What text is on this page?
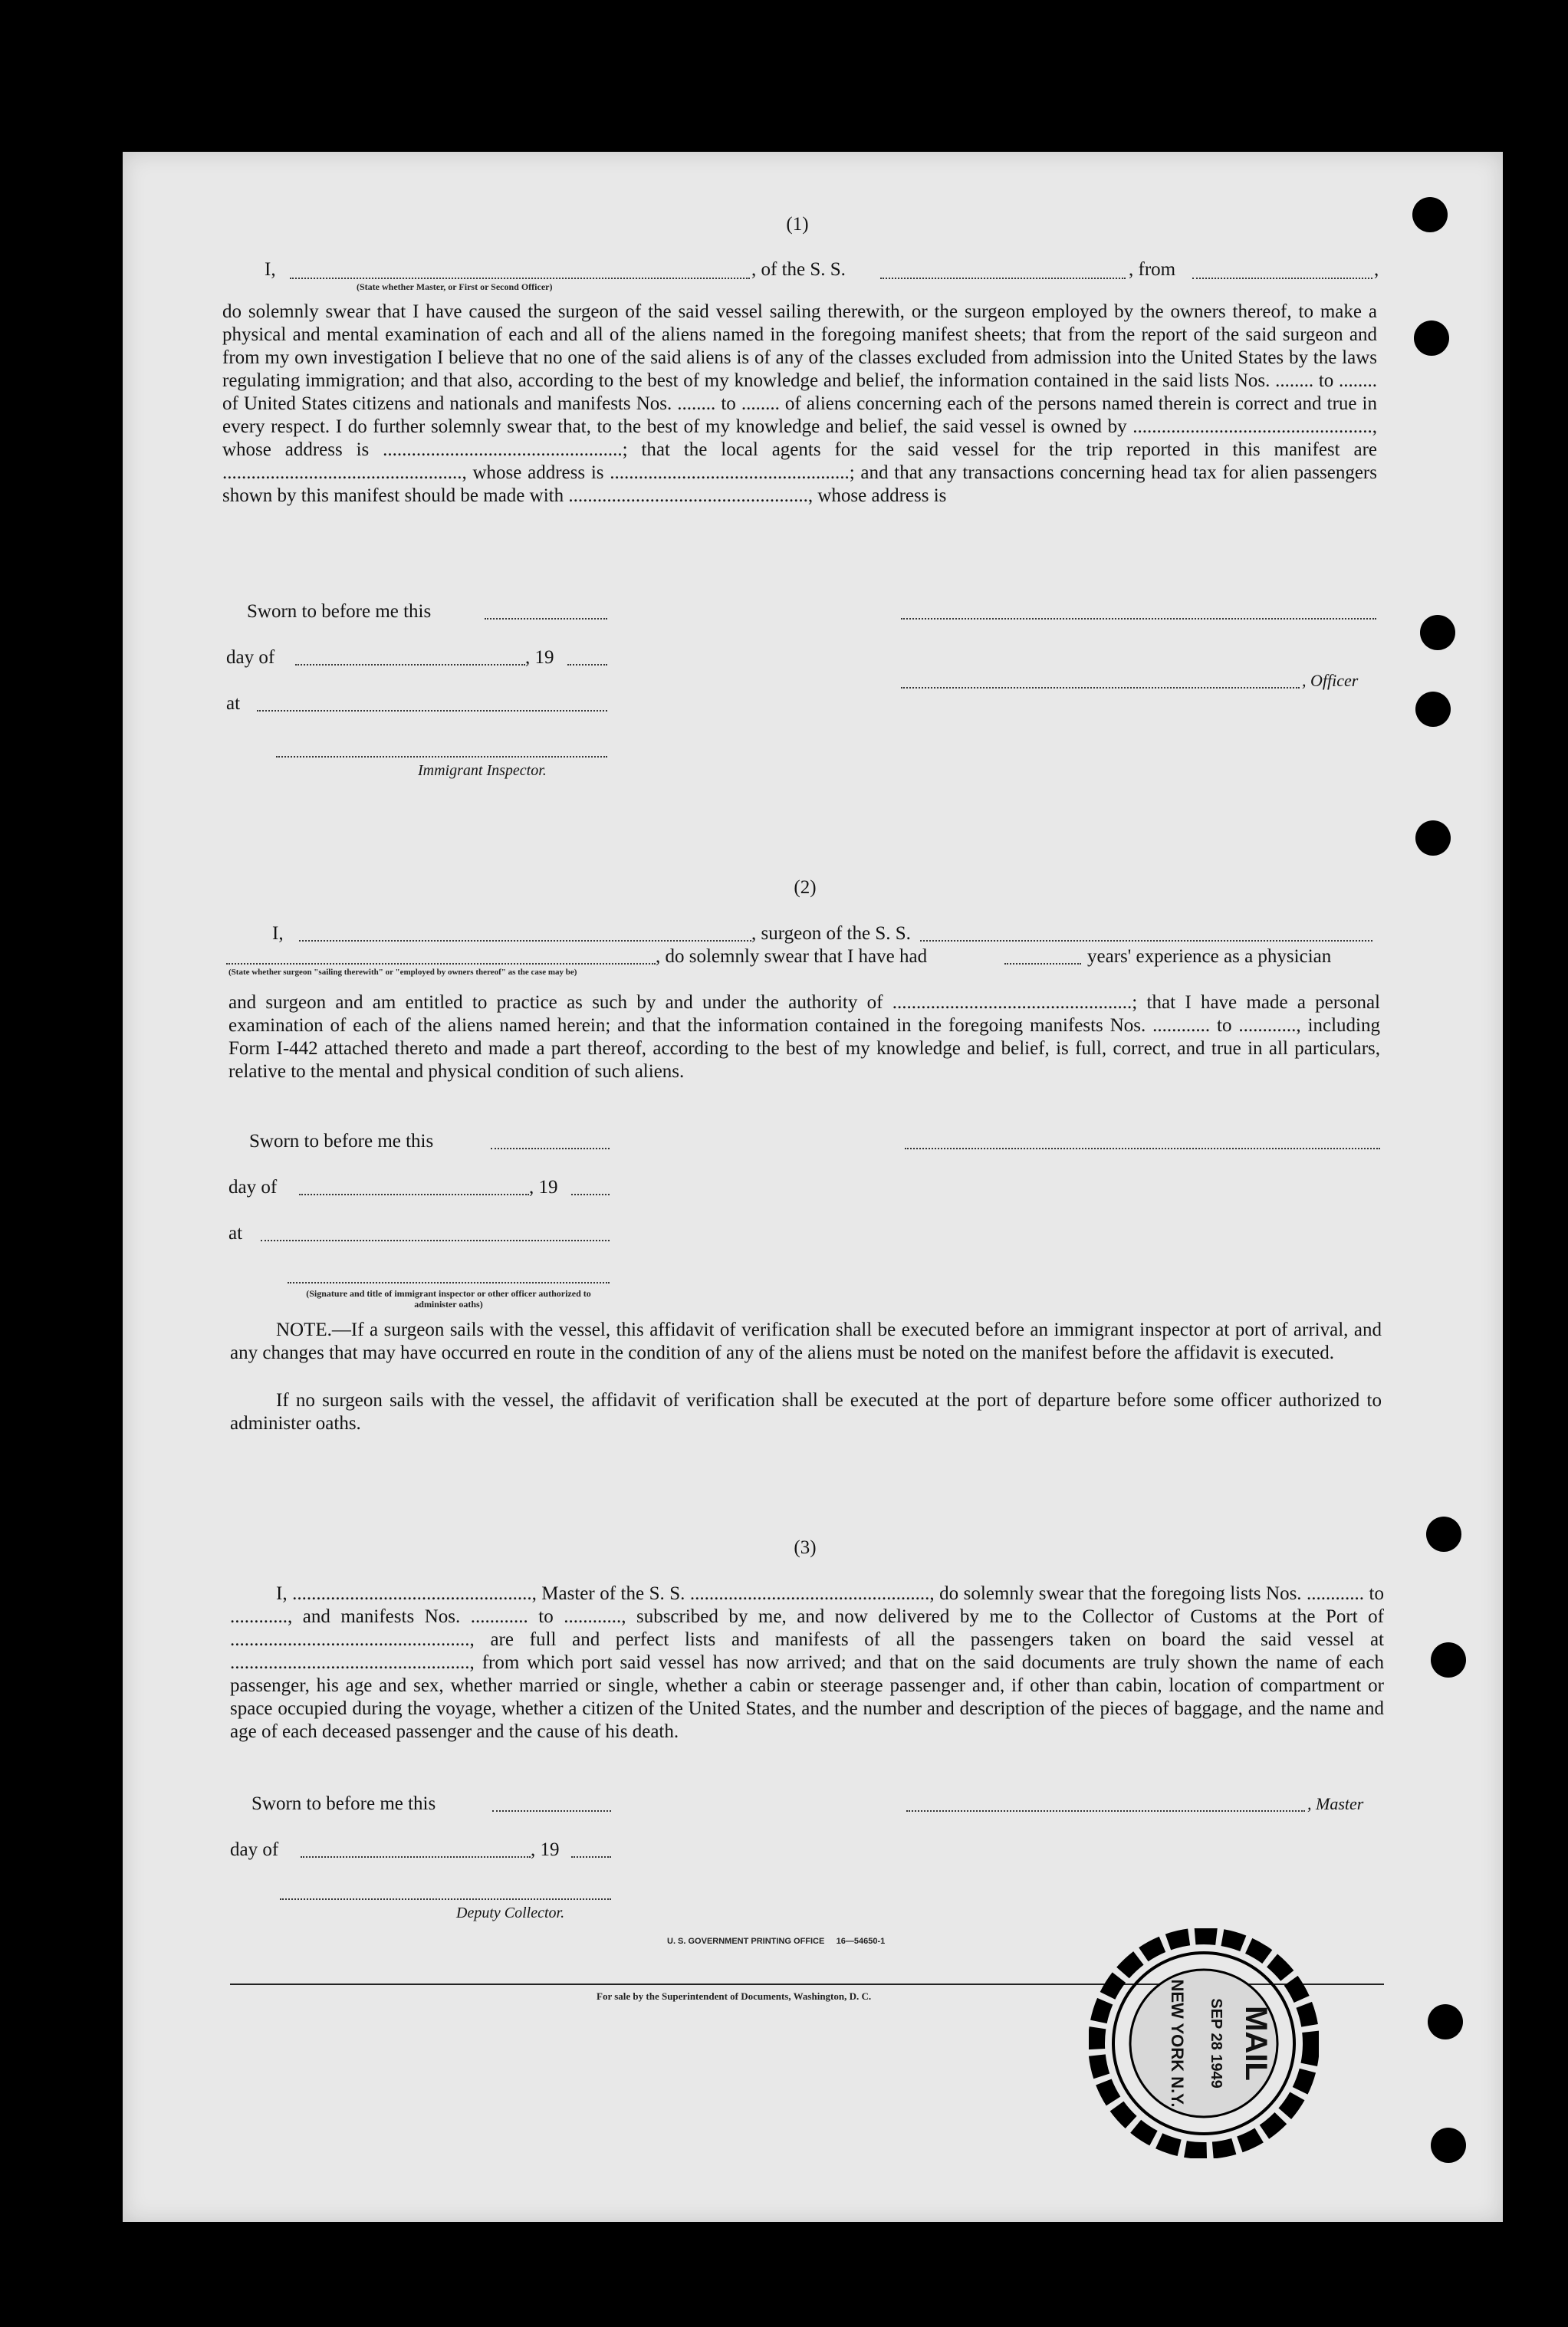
(1)
I,	, of the S. S.	, from	,
(State whether Master, or First or Second Officer)
do solemnly swear that I have caused the surgeon of the said vessel sailing therewith, or the surgeon employed by the owners thereof, to make a physical and mental examination of each and all of the aliens named in the foregoing manifest sheets; that from the report of the said surgeon and from my own investigation I believe that no one of the said aliens is of any of the classes excluded from admission into the United States by the laws regulating immigration; and that also, according to the best of my knowledge and belief, the information contained in the said lists Nos. ........ to ........ of United States citizens and nationals and manifests Nos. ........ to ........ of aliens concerning each of the persons named therein is correct and true in every respect. I do further solemnly swear that, to the best of my knowledge and belief, the said vessel is owned by .................................................., whose address is ..................................................; that the local agents for the said vessel for the trip reported in this manifest are .................................................., whose address is ..................................................; and that any transactions concerning head tax for alien passengers shown by this manifest should be made with .................................................., whose address is
Sworn to before me this
day of	, 19
, Officer
at
Immigrant Inspector.
(2)
I,	, surgeon of the S. S.
, do solemnly swear that I have had	years' experience as a physician
(State whether surgeon "sailing therewith" or "employed by owners thereof" as the case may be)
and surgeon and am entitled to practice as such by and under the authority of ..................................................; that I have made a personal examination of each of the aliens named herein; and that the information contained in the foregoing manifests Nos. ............ to ............, including Form I-442 attached thereto and made a part thereof, according to the best of my knowledge and belief, is full, correct, and true in all particulars, relative to the mental and physical condition of such aliens.
Sworn to before me this
day of	, 19
at
(Signature and title of immigrant inspector or other officer authorized to administer oaths)
NOTE.—If a surgeon sails with the vessel, this affidavit of verification shall be executed before an immigrant inspector at port of arrival, and any changes that may have occurred en route in the condition of any of the aliens must be noted on the manifest before the affidavit is executed.
If no surgeon sails with the vessel, the affidavit of verification shall be executed at the port of departure before some officer authorized to administer oaths.
(3)
I, .................................................., Master of the S. S. .................................................., do solemnly swear that the foregoing lists Nos. ............ to ............, and manifests Nos. ............ to ............, subscribed by me, and now delivered by me to the Collector of Customs at the Port of .................................................., are full and perfect lists and manifests of all the passengers taken on board the said vessel at .................................................., from which port said vessel has now arrived; and that on the said documents are truly shown the name of each passenger, his age and sex, whether married or single, whether a cabin or steerage passenger and, if other than cabin, location of compartment or space occupied during the voyage, whether a citizen of the United States, and the number and description of the pieces of baggage, and the name and age of each deceased passenger and the cause of his death.
Sworn to before me this	, Master
day of	, 19
Deputy Collector.
U. S. GOVERNMENT PRINTING OFFICE     16—54650-1
For sale by the Superintendent of Documents, Washington, D. C.
MAIL
SEP 28 1949
NEW YORK N.Y.
